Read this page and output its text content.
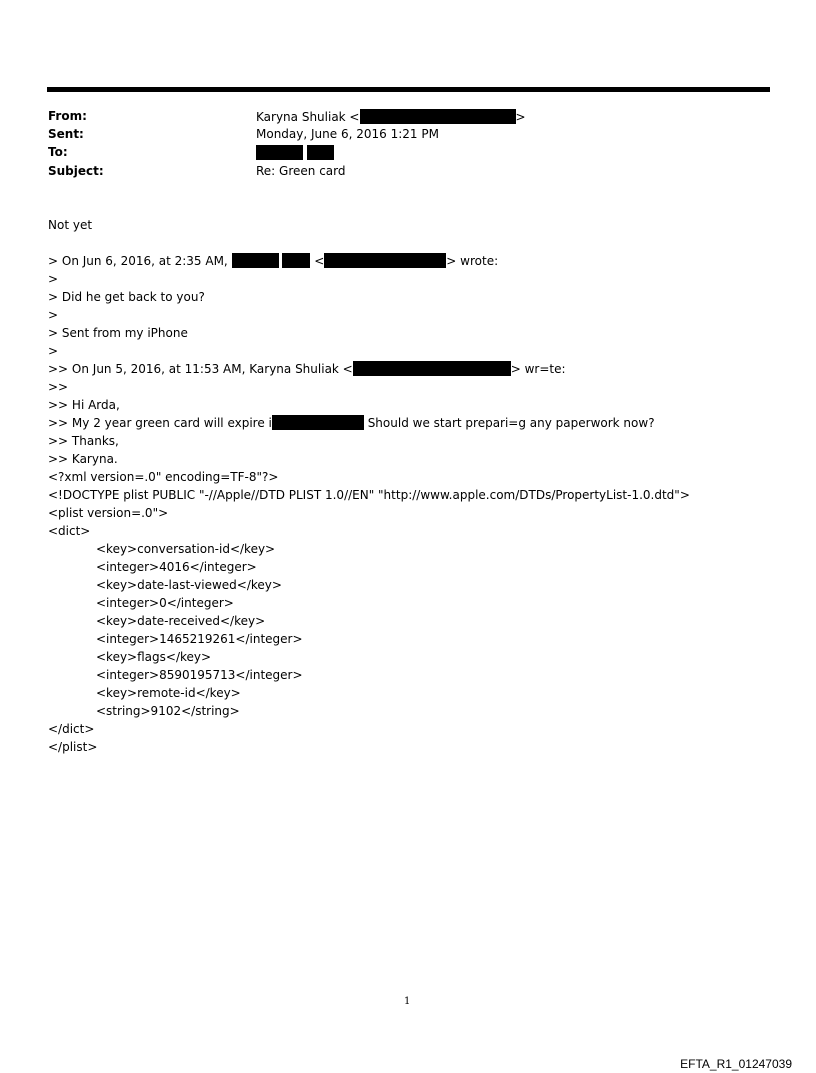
From:	Karyna Shuliak <	>
Sent:	Monday, June 6, 2016 1:21 PM
To:

Subject:	Re: Green card
Not yet
> On Jun 6, 2016, at 2:35 AM,	<	> wrote:
>
> Did he get back to you?
>
> Sent from my iPhone
>
>> On Jun 5, 2016, at 11:53 AM, Karyna Shuliak <	> wr=te:
>>
>> Hi Arda,
>> My 2 year green card will expire i	Should we start prepari=g any paperwork now?
>> Thanks,
>> Karyna.
<?xml version=.0" encoding=TF-8"?>
<!DOCTYPE plist PUBLIC "-//Apple//DTD PLIST 1.0//EN" "http://www.apple.com/DTDs/PropertyList-1.0.dtd">
<plist version=.0">
<dict>
<key>conversation-id</key>
<integer>4016</integer>
<key>date-last-viewed</key>
<integer>0</integer>
<key>date-received</key>
<integer>1465219261</integer>
<key>flags</key>
<integer>8590195713</integer>
<key>remote-id</key>
<string>9102</string>
</dict>
</plist>
1
EFTA_R1_01247039
